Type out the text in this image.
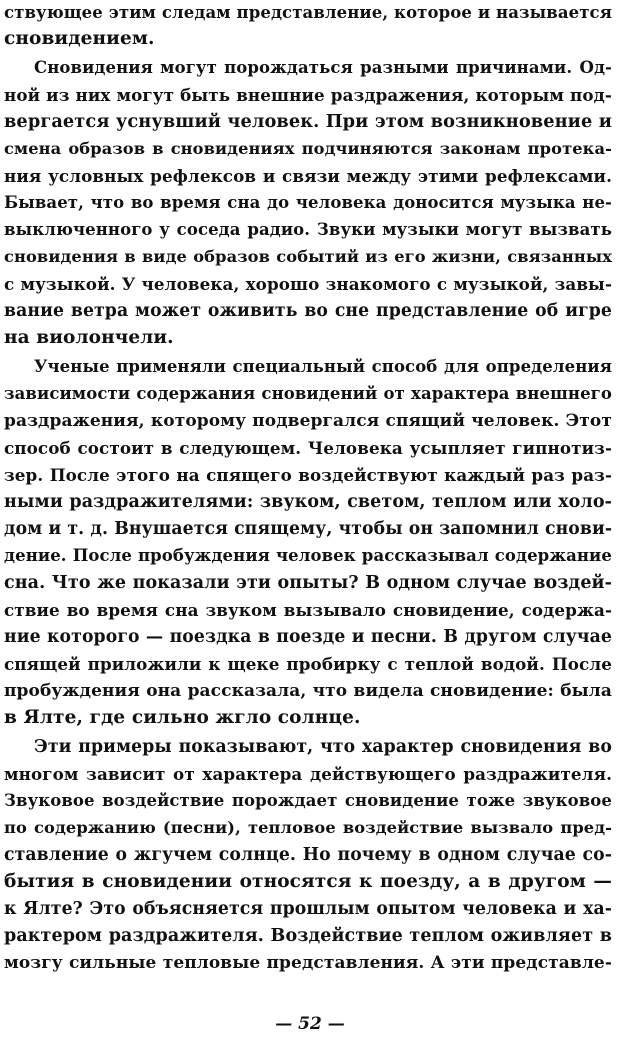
ствующее этим следам представление, которое и называется
сновидением.
Сновидения могут порождаться разными причинами. Од-
ной из них могут быть внешние раздражения, которым под-
вергается уснувший человек. При этом возникновение и
смена образов в сновидениях подчиняются законам протека-
ния условных рефлексов и связи между этими рефлексами.
Бывает, что во время сна до человека доносится музыка не-
выключенного у соседа радио. Звуки музыки могут вызвать
сновидения в виде образов событий из его жизни, связанных
с музыкой. У человека, хорошо знакомого с музыкой, завы-
вание ветра может оживить во сне представление об игре
на виолончели.
Ученые применяли специальный способ для определения
зависимости содержания сновидений от характера внешнего
раздражения, которому подвергался спящий человек. Этот
способ состоит в следующем. Человека усыпляет гипнотиз-
зер. После этого на спящего воздействуют каждый раз раз-
ными раздражителями: звуком, светом, теплом или холо-
дом и т. д. Внушается спящему, чтобы он запомнил снови-
дение. После пробуждения человек рассказывал содержание
сна. Что же показали эти опыты? В одном случае воздей-
ствие во время сна звуком вызывало сновидение, содержа-
ние которого — поездка в поезде и песни. В другом случае
спящей приложили к щеке пробирку с теплой водой. После
пробуждения она рассказала, что видела сновидение: была
в Ялте, где сильно жгло солнце.
Эти примеры показывают, что характер сновидения во
многом зависит от характера действующего раздражителя.
Звуковое воздействие порождает сновидение тоже звуковое
по содержанию (песни), тепловое воздействие вызвало пред-
ставление о жгучем солнце. Но почему в одном случае со-
бытия в сновидении относятся к поезду, а в другом —
к Ялте? Это объясняется прошлым опытом человека и ха-
рактером раздражителя. Воздействие теплом оживляет в
мозгу сильные тепловые представления. А эти представле-
— 52 —
